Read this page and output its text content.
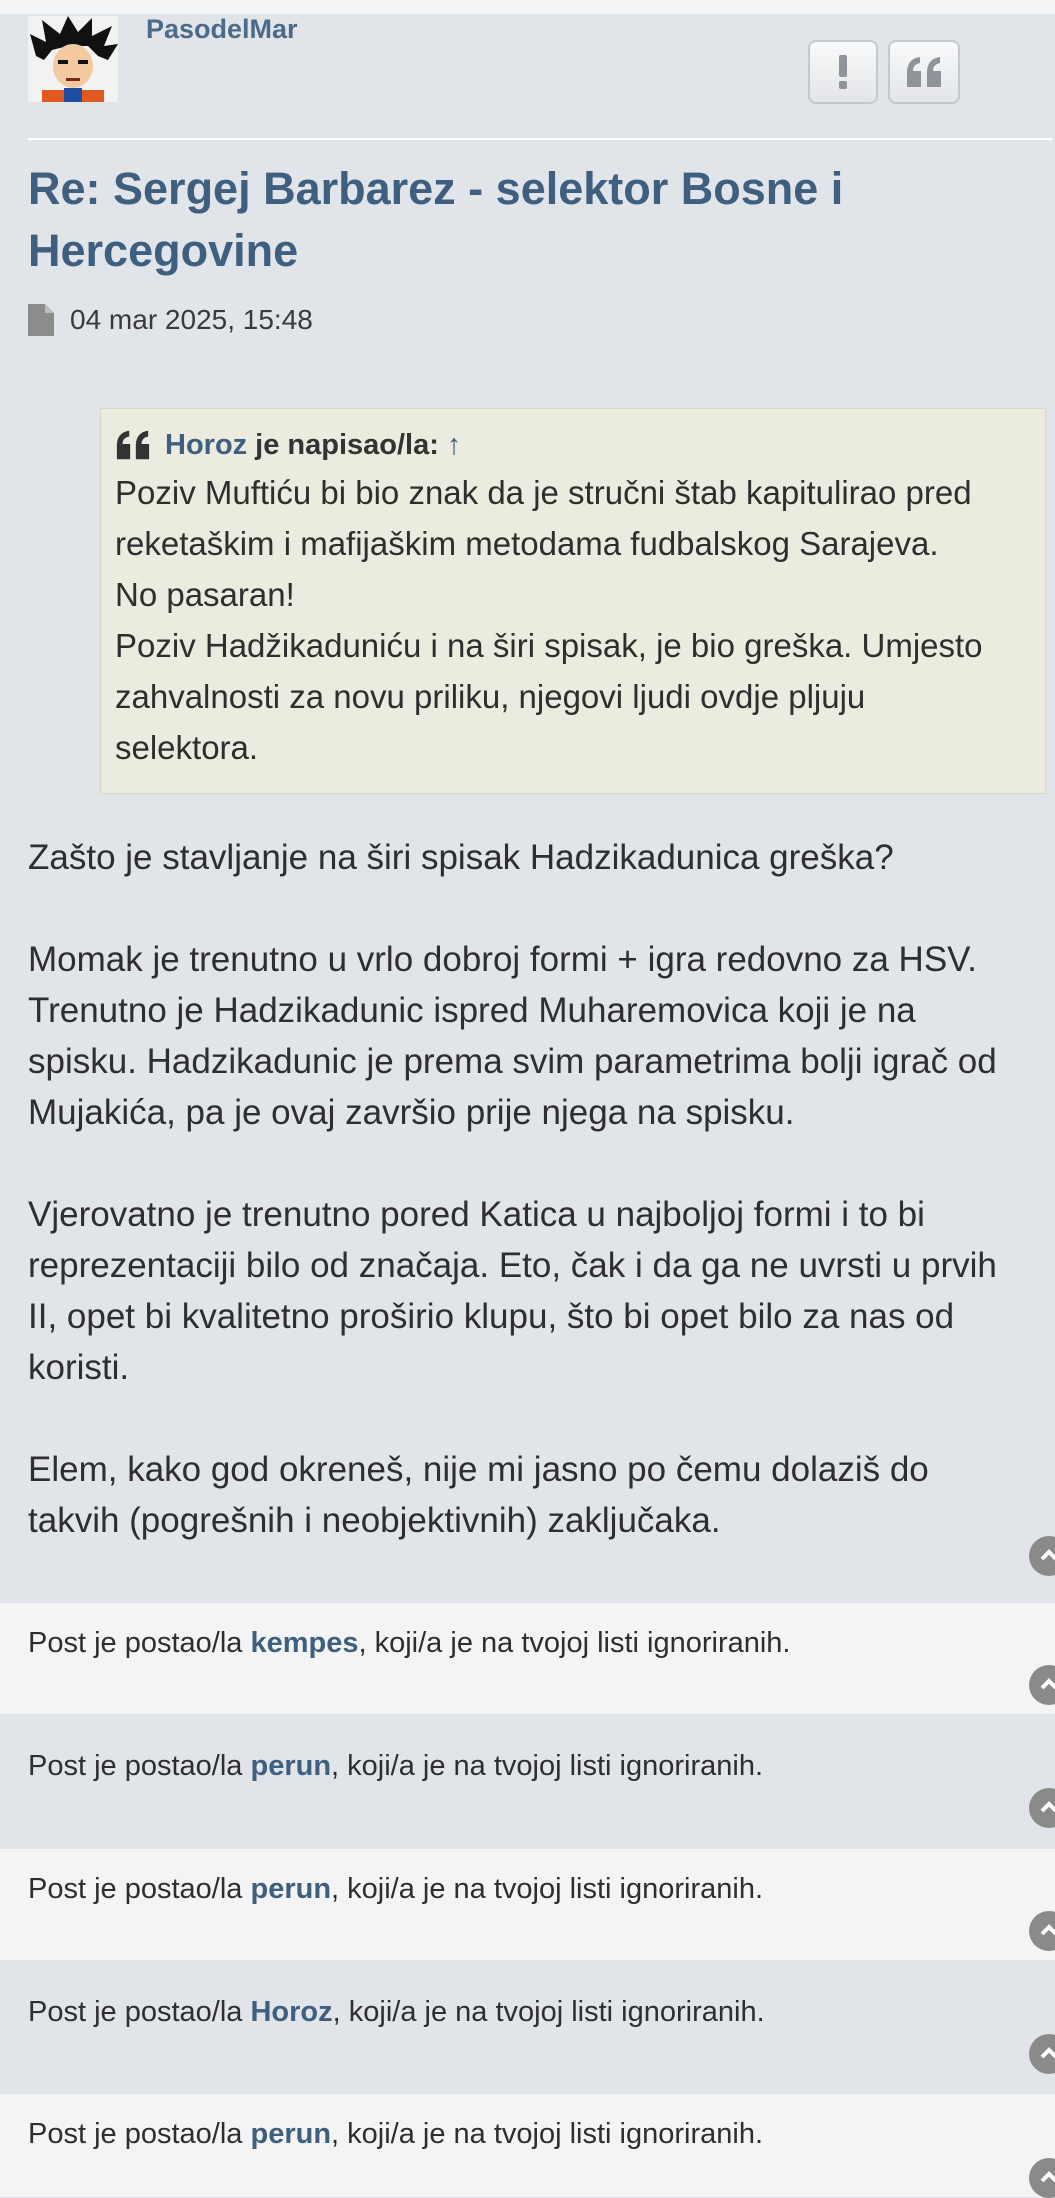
PasodelMar
Re: Sergej Barbarez - selektor Bosne i Hercegovine
04 mar 2025, 15:48
Horoz je napisao/la: ↑
Poziv Muftiću bi bio znak da je stručni štab kapitulirao pred
reketaškim i mafijaškim metodama fudbalskog Sarajeva.
No pasaran!
Poziv Hadžikaduniću i na širi spisak, je bio greška. Umjesto
zahvalnosti za novu priliku, njegovi ljudi ovdje pljuju
selektora.
Zašto je stavljanje na širi spisak Hadzikadunica greška?
Momak je trenutno u vrlo dobroj formi + igra redovno za HSV.
Trenutno je Hadzikadunic ispred Muharemovica koji je na
spisku. Hadzikadunic je prema svim parametrima bolji igrač od
Mujakića, pa je ovaj završio prije njega na spisku.
Vjerovatno je trenutno pored Katica u najboljoj formi i to bi
reprezentaciji bilo od značaja. Eto, čak i da ga ne uvrsti u prvih
II, opet bi kvalitetno proširio klupu, što bi opet bilo za nas od
koristi.
Elem, kako god okreneš, nije mi jasno po čemu dolaziš do
takvih (pogrešnih i neobjektivnih) zaključaka.
Post je postao/la kempes, koji/a je na tvojoj listi ignoriranih.
Post je postao/la perun, koji/a je na tvojoj listi ignoriranih.
Post je postao/la perun, koji/a je na tvojoj listi ignoriranih.
Post je postao/la Horoz, koji/a je na tvojoj listi ignoriranih.
Post je postao/la perun, koji/a je na tvojoj listi ignoriranih.
